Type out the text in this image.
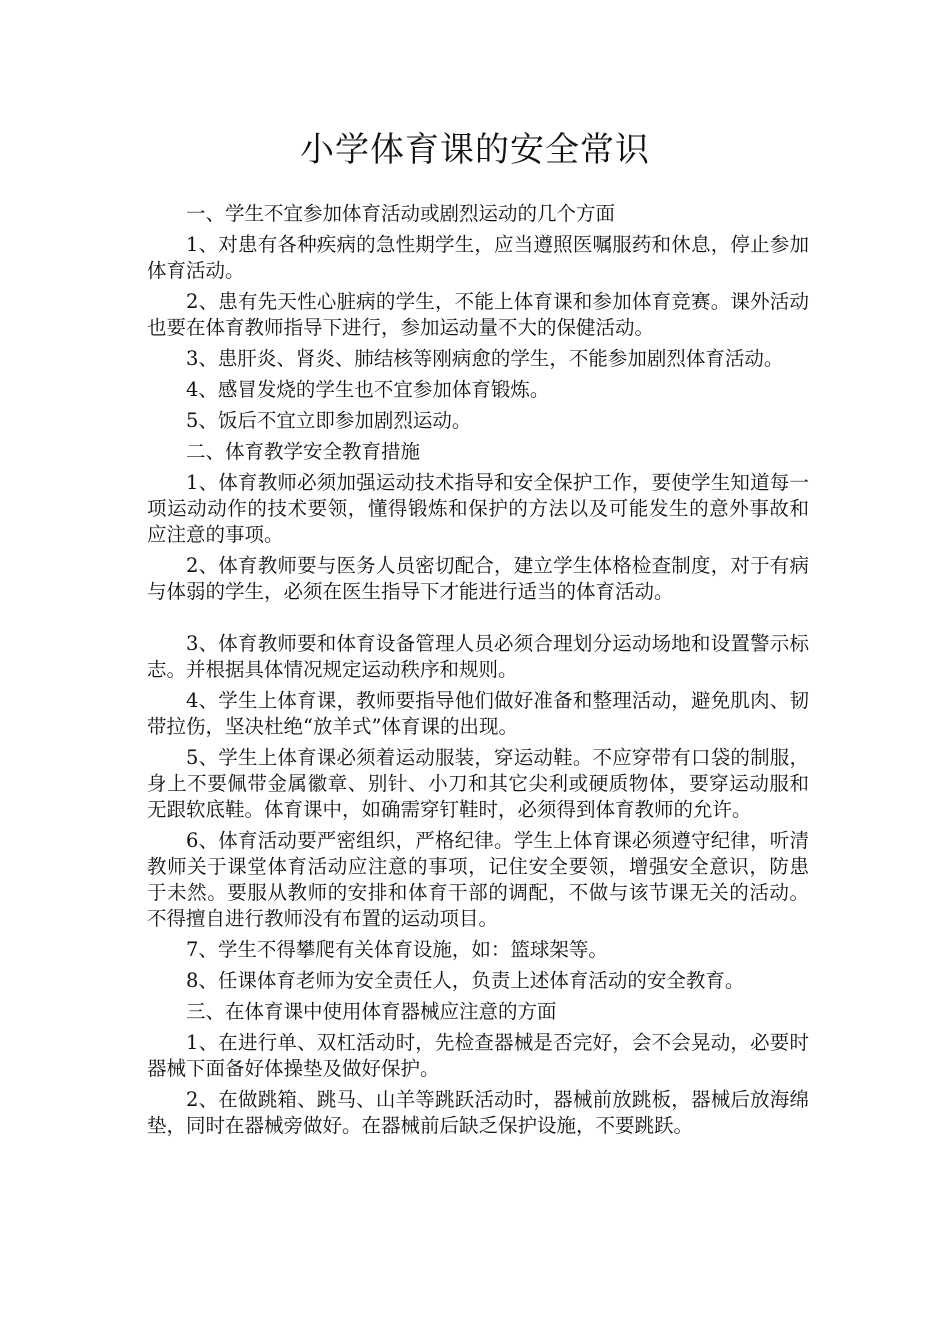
小学体育课的安全常识

一、学生不宜参加体育活动或剧烈运动的几个方面

1、对患有各种疾病的急性期学生，应当遵照医嘱服药和休息，停止参加体育活动。

2、患有先天性心脏病的学生，不能上体育课和参加体育竞赛。课外活动也要在体育教师指导下进行，参加运动量不大的保健活动。

3、患肝炎、肾炎、肺结核等刚病愈的学生，不能参加剧烈体育活动。

4、感冒发烧的学生也不宜参加体育锻炼。

5、饭后不宜立即参加剧烈运动。

二、体育教学安全教育措施

1、体育教师必须加强运动技术指导和安全保护工作，要使学生知道每一项运动动作的技术要领，懂得锻炼和保护的方法以及可能发生的意外事故和应注意的事项。

2、体育教师要与医务人员密切配合，建立学生体格检查制度，对于有病与体弱的学生，必须在医生指导下才能进行适当的体育活动。

3、体育教师要和体育设备管理人员必须合理划分运动场地和设置警示标志。并根据具体情况规定运动秩序和规则。

4、学生上体育课，教师要指导他们做好准备和整理活动，避免肌肉、韧带拉伤，坚决杜绝“放羊式”体育课的出现。

5、学生上体育课必须着运动服装，穿运动鞋。不应穿带有口袋的制服，身上不要佩带金属徽章、别针、小刀和其它尖利或硬质物体，要穿运动服和无跟软底鞋。体育课中，如确需穿钉鞋时，必须得到体育教师的允许。

6、体育活动要严密组织，严格纪律。学生上体育课必须遵守纪律，听清教师关于课堂体育活动应注意的事项，记住安全要领，增强安全意识，防患于未然。要服从教师的安排和体育干部的调配，不做与该节课无关的活动。不得擅自进行教师没有布置的运动项目。

7、学生不得攀爬有关体育设施，如：篮球架等。

8、任课体育老师为安全责任人，负责上述体育活动的安全教育。

三、在体育课中使用体育器械应注意的方面

1、在进行单、双杠活动时，先检查器械是否完好，会不会晃动，必要时器械下面备好体操垫及做好保护。

2、在做跳箱、跳马、山羊等跳跃活动时，器械前放跳板，器械后放海绵垫，同时在器械旁做好。在器械前后缺乏保护设施，不要跳跃。
